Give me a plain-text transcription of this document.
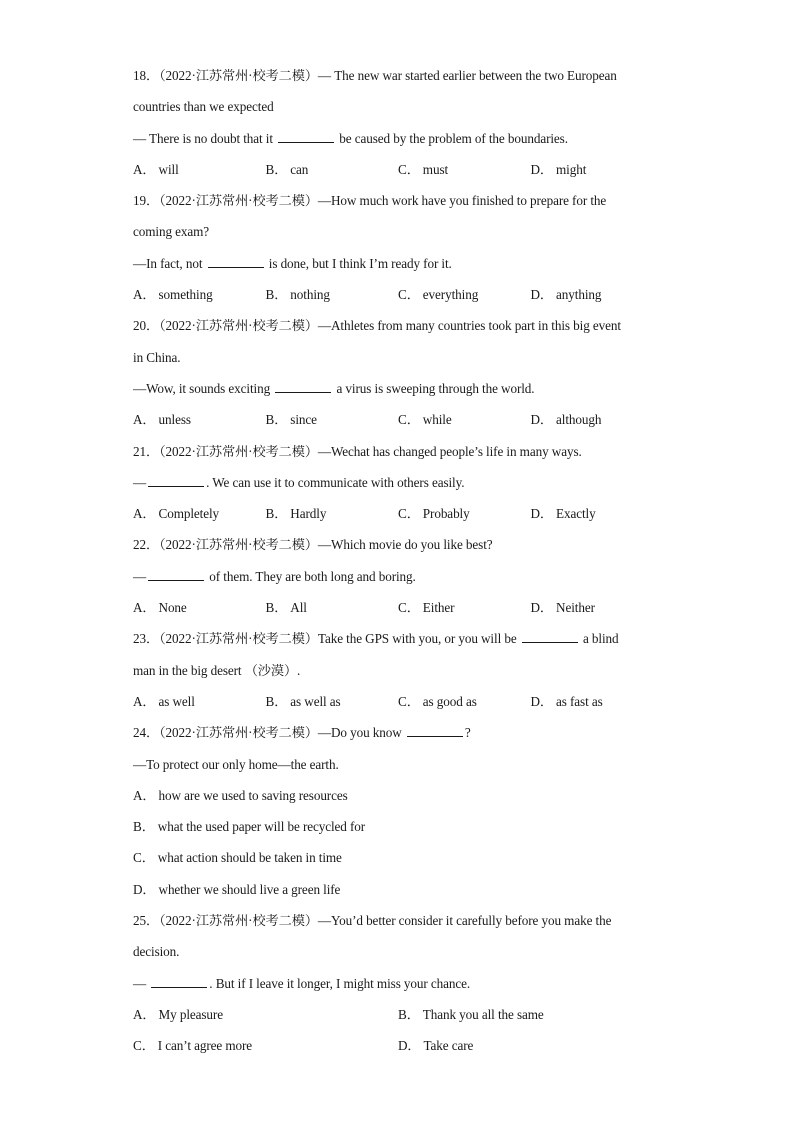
18．（2022·江苏常州·校考二模）— The new war started earlier between the two European
countries than we expected
— There is no doubt that it	be caused by the problem of the boundaries.
A． will	B． can	C． must	D． might
19．（2022·江苏常州·校考二模）—How much work have you finished to prepare for the
coming exam?
—In fact, not	is done, but I think I’m ready for it.
A． something	B． nothing	C． everything	D． anything
20．（2022·江苏常州·校考二模）—Athletes from many countries took part in this big event
in China.
—Wow, it sounds exciting	a virus is sweeping through the world.
A． unless	B． since	C． while	D． although
21．（2022·江苏常州·校考二模）—Wechat has changed people’s life in many ways.
—	. We can use it to communicate with others easily.
A． Completely	B． Hardly	C． Probably	D． Exactly
22．（2022·江苏常州·校考二模）—Which movie do you like best?
—	of them. They are both long and boring.
A． None	B． All	C． Either	D． Neither
23．（2022·江苏常州·校考二模）Take the GPS with you, or you will be	a blind
man in the big desert （沙漠）.
A． as well	B． as well as	C． as good as	D． as fast as
24．（2022·江苏常州·校考二模）—Do you know	?
—To protect our only home—the earth.
A． how are we used to saving resources
B． what the used paper will be recycled for
C． what action should be taken in time
D． whether we should live a green life
25．（2022·江苏常州·校考二模）—You’d better consider it carefully before you make the
decision.
—	. But if I leave it longer, I might miss your chance.
A． My pleasure	B． Thank you all the same
C． I can’t agree more	D． Take care
